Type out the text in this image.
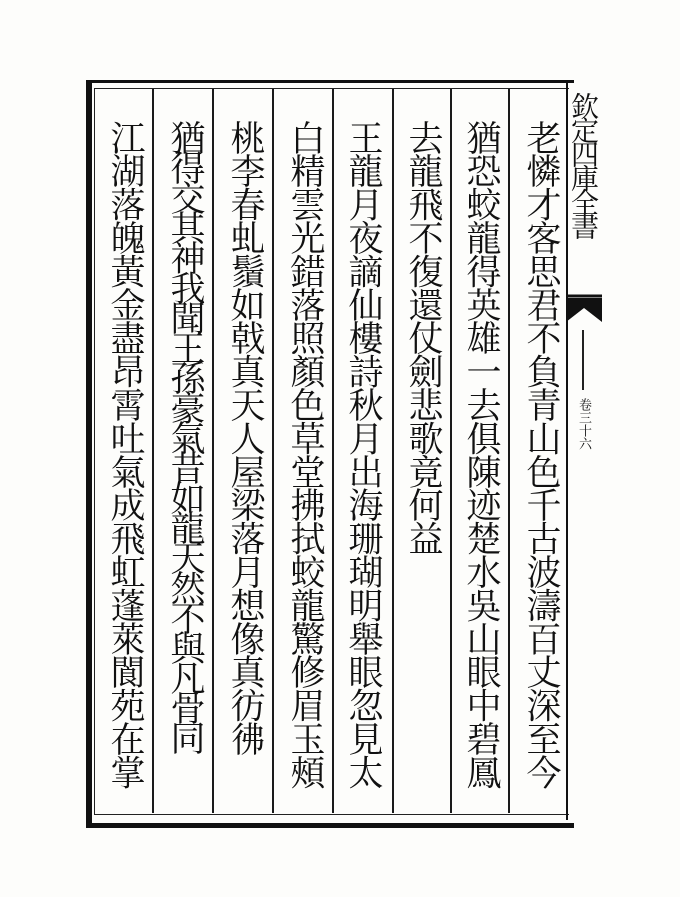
老憐才客思君不負青山色千古波濤百丈深至今
猶恐蛟龍得英雄一去俱陳迹楚水吳山眼中碧鳳
去龍飛不復還仗劍悲歌竟何益
王龍月夜謫仙樓詩秋月出海珊瑚明舉眼忽見太
白精雲光錯落照顏色草堂拂拭蛟龍驚修眉玉頰
桃李春虬鬚如戟真天人屋梁落月想像真彷彿
猶得交其神我聞王孫豪氣昔如龍天然不與凡骨同
江湖落魄黃金盡昂霄吐氣成飛虹蓬萊閬苑在掌	欽定四庫全書
卷三十六
